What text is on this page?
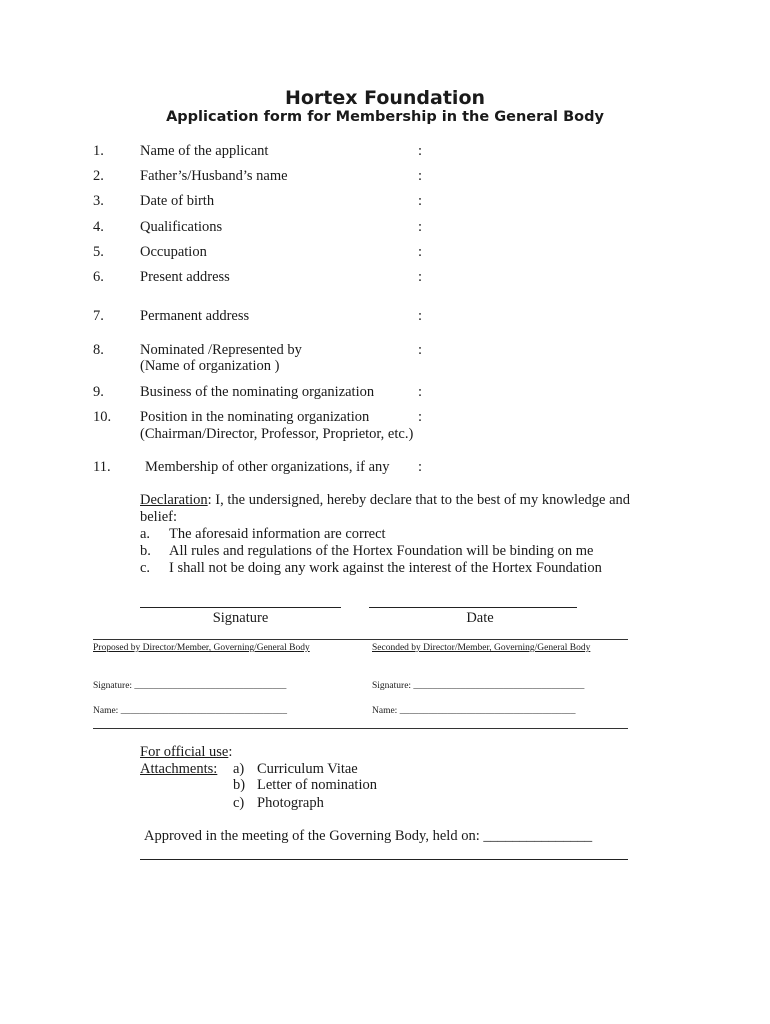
Hortex Foundation
Application form for Membership in the General Body
1. Name of the applicant	:
2. Father’s/Husband’s name	:
3. Date of birth	:
4. Qualifications	:
5. Occupation	:
6. Present address	:
7. Permanent address	:
8. Nominated /Represented by
(Name of organization )
:
9. Business of the nominating organization	:
10. Position in the nominating organization
(Chairman/Director, Professor, Proprietor, etc.)
:
11. Membership of other organizations, if any :
Declaration: I, the undersigned, hereby declare that to the best of my knowledge and
belief:
a. The aforesaid information are correct
b. All rules and regulations of the Hortex Foundation will be binding on me
c. I shall not be doing any work against the interest of the Hortex Foundation
Signature	Date
Proposed by Director/Member, Governing/General Body	Seconded by Director/Member, Governing/General Body
Signature: ________________________________	Signature: ____________________________________
Name: ___________________________________	Name: _____________________________________
For official use:
Attachments: a) Curriculum Vitae
b) Letter of nomination
c) Photograph
Approved in the meeting of the Governing Body, held on: _______________
